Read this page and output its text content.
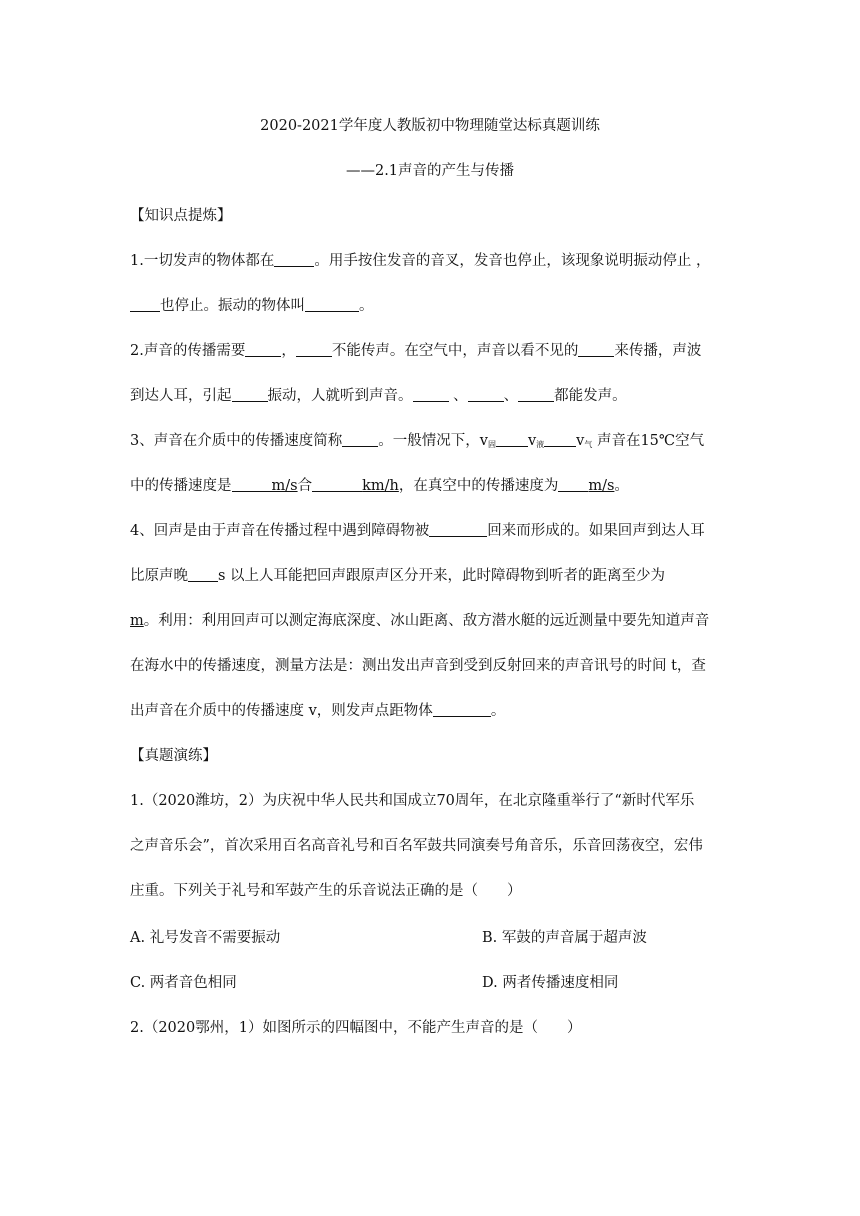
2020-2021学年度人教版初中物理随堂达标真题训练
——2.1声音的产生与传播
【知识点提炼】
1.一切发声的物体都在	。用手按住发音的音叉，发音也停止，该现象说明振动停止 ，
也停止。振动的物体叫	。
2.声音的传播需要 ， 不能传声。在空气中，声音以看不见的 来传播，声波
到达人耳，引起 振动，人就听到声音。 、 、 都能发声。
3、声音在介质中的传播速度简称 。一般情况下，$v_固$ $v_液$ $v_气$ 声音在15℃空气
中的传播速度是	m/s合	km/h，在真空中的传播速度为 m/s。
4、回声是由于声音在传播过程中遇到障碍物被	回来而形成的。如果回声到达人耳
比原声晚 s 以上人耳能把回声跟原声区分开来，此时障碍物到听者的距离至少为
m。利用：利用回声可以测定海底深度、冰山距离、敌方潜水艇的远近测量中要先知道声音
在海水中的传播速度，测量方法是：测出发出声音到受到反射回来的声音讯号的时间 t，查
出声音在介质中的传播速度 v，则发声点距物体	。
【真题演练】
1.（2020潍坊，2）为庆祝中华人民共和国成立70周年，在北京隆重举行了“新时代军乐
之声音乐会”，首次采用百名高音礼号和百名军鼓共同演奏号角音乐，乐音回荡夜空，宏伟
庄重。下列关于礼号和军鼓产生的乐音说法正确的是（　　）
A. 礼号发音不需要振动	B. 军鼓的声音属于超声波
C. 两者音色相同	D. 两者传播速度相同
2.（2020鄂州，1）如图所示的四幅图中，不能产生声音的是（　　）
